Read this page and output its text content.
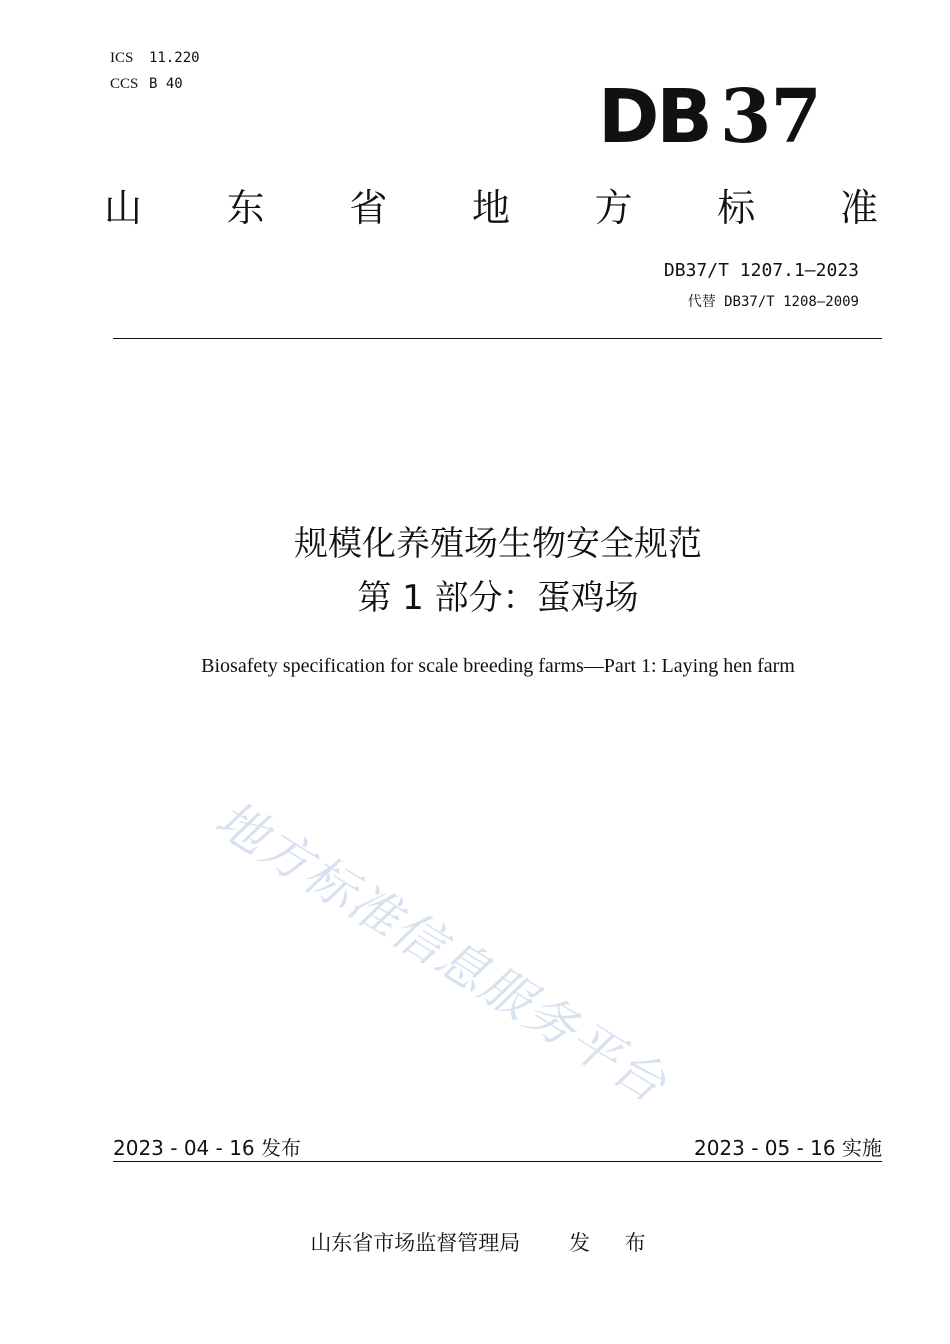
ICS	11.220
CCS B 40	DB 37
山 东 省 地 方 标 准
DB37/T 1207.1—2023
代替 DB37/T 1208—2009
规模化养殖场生物安全规范
第 1 部分：蛋鸡场
Biosafety specification for scale breeding farms—Part 1: Laying hen farm
地方标准信息服务平台
2023 - 04 - 16 发布	2023 - 05 - 16 实施
山东省市场监督管理局 发 布
